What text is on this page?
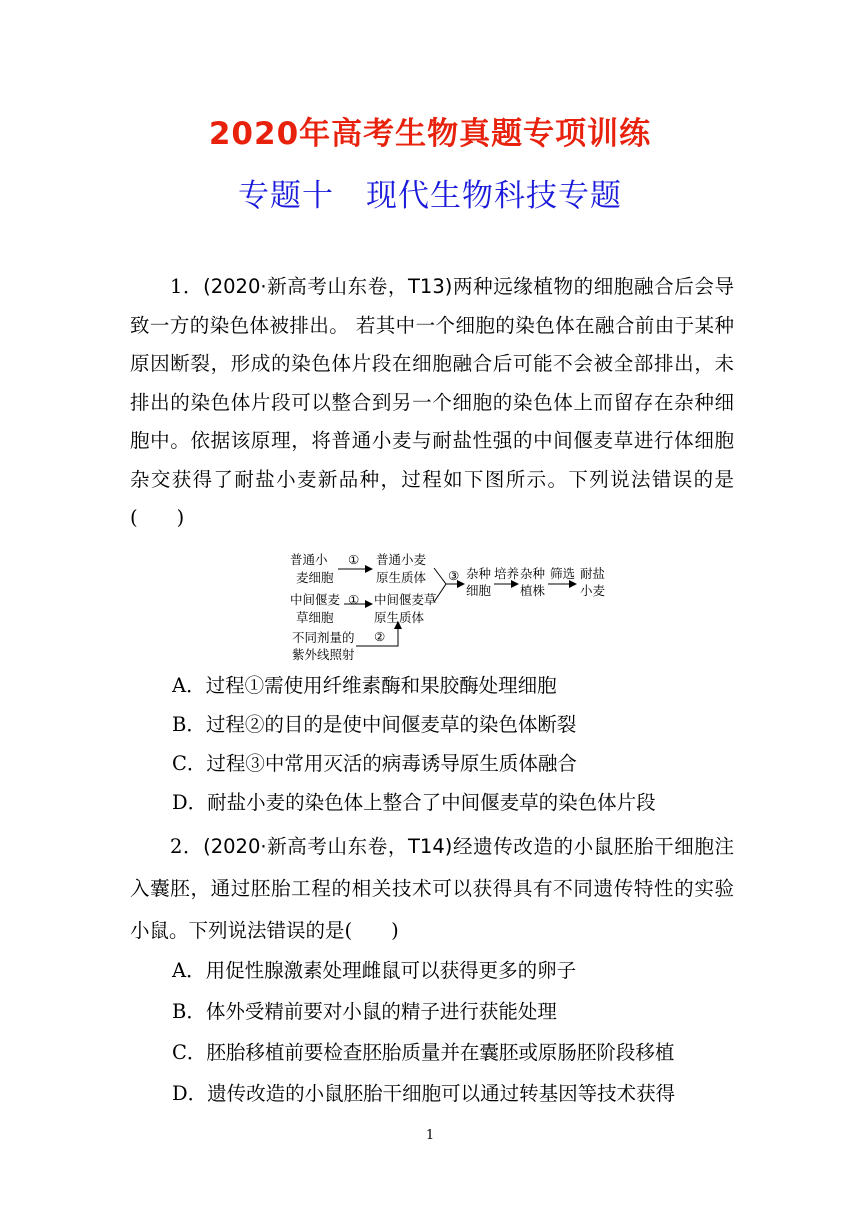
2020年高考生物真题专项训练
专题十　现代生物科技专题
1．(2020·新高考山东卷，T13)两种远缘植物的细胞融合后会导致一方的染色体被排出。 若其中一个细胞的染色体在融合前由于某种原因断裂，形成的染色体片段在细胞融合后可能不会被全部排出，未排出的染色体片段可以整合到另一个细胞的染色体上而留存在杂种细胞中。依据该原理，将普通小麦与耐盐性强的中间偃麦草进行体细胞杂交获得了耐盐小麦新品种，过程如下图所示。下列说法错误的是(　　)
普通小
麦细胞
① 普通小麦
原生质体
中间偃麦
草细胞
① 中间偃麦草
原生质体
不同剂量的
紫外线照射
②
③ 杂种
细胞
培养 杂种
植株
筛选 耐盐
小麦
A．过程①需使用纤维素酶和果胶酶处理细胞
B．过程②的目的是使中间偃麦草的染色体断裂
C．过程③中常用灭活的病毒诱导原生质体融合
D．耐盐小麦的染色体上整合了中间偃麦草的染色体片段
2．(2020·新高考山东卷，T14)经遗传改造的小鼠胚胎干细胞注入囊胚，通过胚胎工程的相关技术可以获得具有不同遗传特性的实验小鼠。下列说法错误的是(　　)
A．用促性腺激素处理雌鼠可以获得更多的卵子
B．体外受精前要对小鼠的精子进行获能处理
C．胚胎移植前要检查胚胎质量并在囊胚或原肠胚阶段移植
D．遗传改造的小鼠胚胎干细胞可以通过转基因等技术获得
1
